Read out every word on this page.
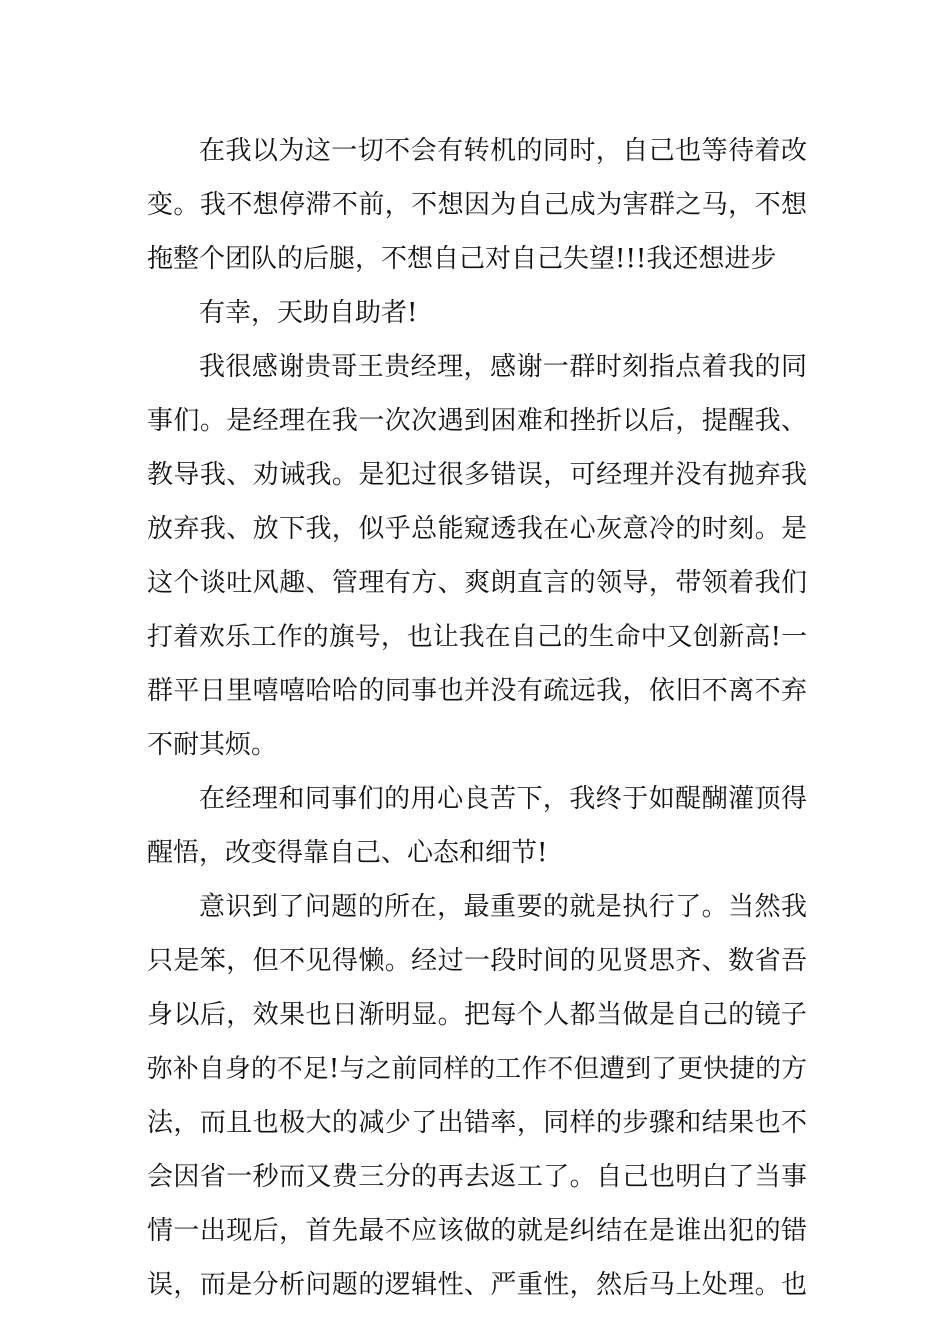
在我以为这一切不会有转机的同时，自己也等待着改
变。我不想停滞不前，不想因为自己成为害群之马，不想
拖整个团队的后腿，不想自己对自己失望!!!我还想进步
有幸，天助自助者!
我很感谢贵哥王贵经理，感谢一群时刻指点着我的同
事们。是经理在我一次次遇到困难和挫折以后，提醒我、
教导我、劝诫我。是犯过很多错误，可经理并没有抛弃我
放弃我、放下我，似乎总能窥透我在心灰意冷的时刻。是
这个谈吐风趣、管理有方、爽朗直言的领导，带领着我们
打着欢乐工作的旗号，也让我在自己的生命中又创新高!一
群平日里嘻嘻哈哈的同事也并没有疏远我，依旧不离不弃
不耐其烦。
在经理和同事们的用心良苦下，我终于如醍醐灌顶得
醒悟，改变得靠自己、心态和细节!
意识到了问题的所在，最重要的就是执行了。当然我
只是笨，但不见得懒。经过一段时间的见贤思齐、数省吾
身以后，效果也日渐明显。把每个人都当做是自己的镜子
弥补自身的不足!与之前同样的工作不但遭到了更快捷的方
法，而且也极大的减少了出错率，同样的步骤和结果也不
会因省一秒而又费三分的再去返工了。自己也明白了当事
情一出现后，首先最不应该做的就是纠结在是谁出犯的错
误，而是分析问题的逻辑性、严重性，然后马上处理。也
